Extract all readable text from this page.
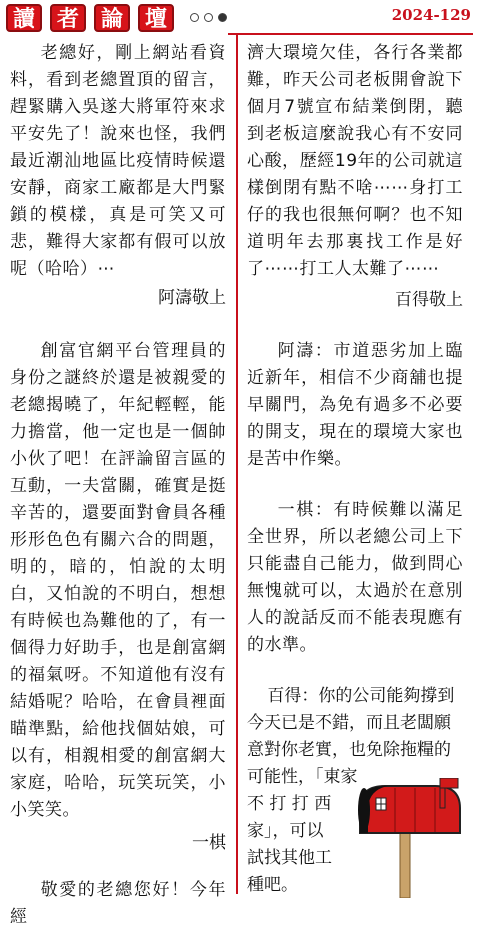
讀 者 論 壇	2024-129

老總好，剛上網站看資料，看到老總置頂的留言，趕緊購入吳遂大將軍符來求平安先了！說來也怪，我們最近潮汕地區比疫情時候還安靜，商家工廠都是大門緊鎖的模樣，真是可笑又可悲，難得大家都有假可以放呢（哈哈）⋯

阿濤敬上

創富官網平台管理員的身份之謎終於還是被親愛的老總揭曉了，年紀輕輕，能力擔當，他一定也是一個帥小伙了吧！在評論留言區的互動，一夫當關，確實是挺辛苦的，還要面對會員各種形形色色有關六合的問題，明的，暗的，怕說的太明白，又怕說的不明白，想想有時候也為難他的了，有一個得力好助手，也是創富網的福氣呀。不知道他有沒有結婚呢？哈哈，在會員裡面瞄準點，給他找個姑娘，可以有，相親相愛的創富網大家庭，哈哈，玩笑玩笑，小小笑笑。

一棋

敬愛的老總您好！今年經

濟大環境欠佳，各行各業都難，昨天公司老板開會說下個月7號宣布結業倒閉，聽到老板這麼說我心有不安同心酸，歷經19年的公司就這樣倒閉有點不啥⋯⋯身打工仔的我也很無何啊？也不知道明年去那裏找工作是好了⋯⋯打工人太難了⋯⋯

百得敬上

阿濤：市道惡劣加上臨近新年，相信不少商舖也提早關門，為免有過多不必要的開支，現在的環境大家也是苦中作樂。

一棋：有時候難以滿足全世界，所以老總公司上下只能盡自己能力，做到問心無愧就可以，太過於在意別人的說話反而不能表現應有的水準。

百得：你的公司能夠撐到
今天已是不錯，而且老闆願
意對你老實，也免除拖糧的
可能性，「東家
不 打 打 西
家」，可以
試找其他工
種吧。
